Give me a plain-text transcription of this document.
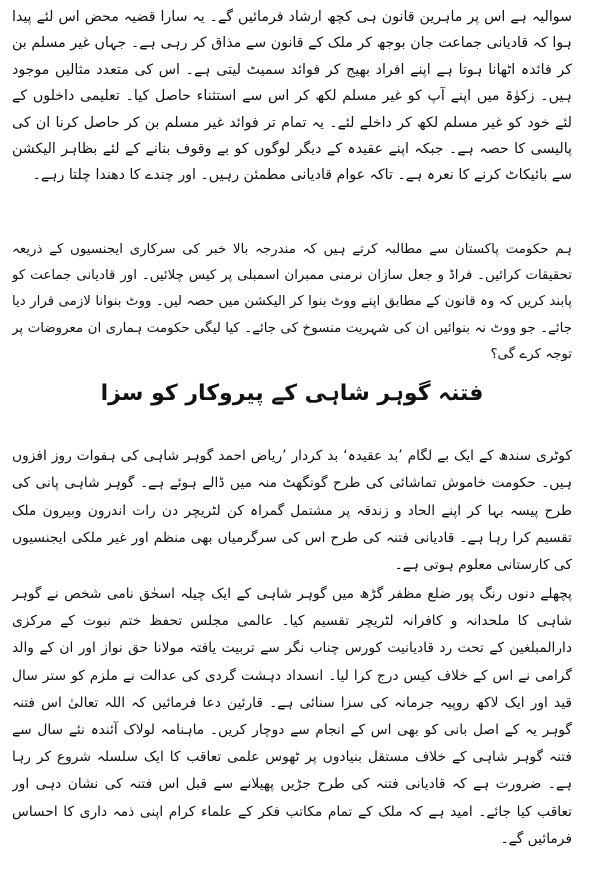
سوالیہ ہے اس پر ماہرین قانون ہی کچھ ارشاد فرمائیں گے۔ یہ سارا قضیہ محض اس لئے پیدا ہوا کہ قادیانی جماعت جان بوجھ کر ملک کے قانون سے مذاق کر رہی ہے۔ جہاں غیر مسلم بن کر فائدہ اٹھانا ہوتا ہے اپنے افراد بھیج کر فوائد سمیٹ لیتی ہے۔ اس کی متعدد مثالیں موجود ہیں۔ زکوٰۃ میں اپنے آپ کو غیر مسلم لکھ کر اس سے استثناء حاصل کیا۔ تعلیمی داخلوں کے لئے خود کو غیر مسلم لکھ کر داخلے لئے۔ یہ تمام تر فوائد غیر مسلم بن کر حاصل کرنا ان کی پالیسی کا حصہ ہے۔ جبکہ اپنے عقیدہ کے دیگر لوگوں کو بے وقوف بنانے کے لئے بظاہر الیکشن سے بائیکاٹ کرنے کا نعرہ ہے۔ تاکہ عوام قادیانی مطمئن رہیں۔ اور چندے کا دھندا چلتا رہے۔

ہم حکومت پاکستان سے مطالبہ کرتے ہیں کہ مندرجہ بالا خبر کی سرکاری ایجنسیوں کے ذریعہ تحقیقات کرائیں۔ فراڈ و جعل سازان نرمنی ممبران اسمبلی پر کیس چلائیں۔ اور قادیانی جماعت کو پابند کریں کہ وہ قانون کے مطابق اپنے ووٹ بنوا کر الیکشن میں حصہ لیں۔ ووٹ بنوانا لازمی قرار دیا جائے۔ جو ووٹ نہ بنوائیں ان کی شہریت منسوخ کی جائے۔ کیا لیگی حکومت ہماری ان معروضات پر توجہ کرے گی؟

فتنہ گوہر شاہی کے پیروکار کو سزا

کوٹری سندھ کے ایک بے لگام ’بد عقیدہ‘ بد کردار ’ریاض احمد گوہر شاہی کی ہفوات روز افزوں ہیں۔ حکومت خاموش تماشائی کی طرح گونگھٹ منہ میں ڈالے ہوئے ہے۔ گوہر شاہی پانی کی طرح پیسہ بہا کر اپنے الحاد و زندقہ پر مشتمل گمراہ کن لٹریچر دن رات اندرون وبیرون ملک تقسیم کرا رہا ہے۔ قادیانی فتنہ کی طرح اس کی سرگرمیاں بھی منظم اور غیر ملکی ایجنسیوں کی کارستانی معلوم ہوتی ہے۔

پچھلے دنوں رنگ پور ضلع مظفر گڑھ میں گوہر شاہی کے ایک چیلہ اسحٰق نامی شخص نے گوہر شاہی کا ملحدانہ و کافرانہ لٹریچر تقسیم کیا۔ عالمی مجلس تحفظ ختم نبوت کے مرکزی دارالمبلغین کے تحت رد قادیانیت کورس چناب نگر سے تربیت یافتہ مولانا حق نواز اور ان کے والد گرامی نے اس کے خلاف کیس درج کرا لیا۔ انسداد دہشت گردی کی عدالت نے ملزم کو ستر سال قید اور ایک لاکھ روپیہ جرمانہ کی سزا سنائی ہے۔ قارئین دعا فرمائیں کہ اللہ تعالیٰ اس فتنہ گوہر یہ کے اصل بانی کو بھی اس کے انجام سے دوچار کریں۔ ماہنامہ لولاک آئندہ نئے سال سے فتنہ گوہر شاہی کے خلاف مستقل بنیادوں پر ٹھوس علمی تعاقب کا ایک سلسلہ شروع کر رہا ہے۔ ضرورت ہے کہ قادیانی فتنہ کی طرح جڑیں پھیلانے سے قبل اس فتنہ کی نشان دہی اور تعاقب کیا جائے۔ امید ہے کہ ملک کے تمام مکاتب فکر کے علماء کرام اپنی ذمہ داری کا احساس فرمائیں گے۔
